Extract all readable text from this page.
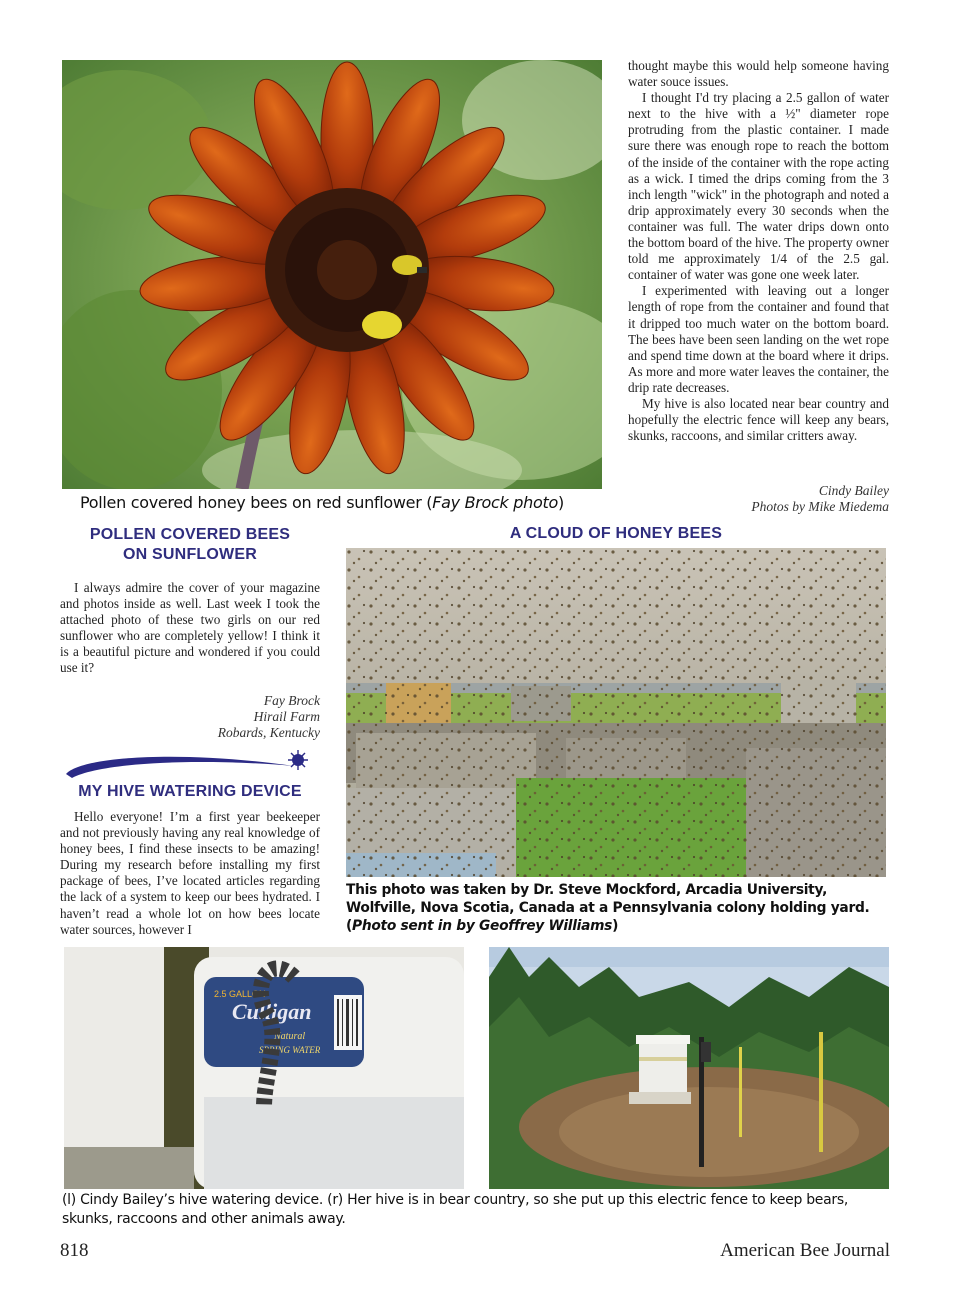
Pollen covered honey bees on red sunflower (Fay Brock photo)

thought maybe this would help someone having water souce issues.

I thought I'd try placing a 2.5 gallon of water next to the hive with a ½" diameter rope protruding from the plastic container. I made sure there was enough rope to reach the bottom of the inside of the container with the rope acting as a wick. I timed the drips coming from the 3 inch length "wick" in the photograph and noted a drip approximately every 30 seconds when the container was full. The water drips down onto the bottom board of the hive. The property owner told me approximately 1/4 of the 2.5 gal. container of water was gone one week later.

I experimented with leaving out a longer length of rope from the container and found that it dripped too much water on the bottom board. The bees have been seen landing on the wet rope and spend time down at the board where it drips. As more and more water leaves the container, the drip rate decreases.

My hive is also located near bear country and hopefully the electric fence will keep any bears, skunks, raccoons, and similar critters away.

Cindy Bailey
Photos by Mike Miedema
POLLEN COVERED BEES
ON SUNFLOWER

I always admire the cover of your magazine and photos inside as well. Last week I took the attached photo of these two girls on our red sunflower who are completely yellow! I think it is a beautiful picture and wondered if you could use it?

Fay Brock
Hirail Farm
Robards, Kentucky
MY HIVE WATERING DEVICE

Hello everyone! I’m a first year beekeeper and not previously having any real knowledge of honey bees, I find these insects to be amazing! During my research before installing my first package of bees, I’ve located articles regarding the lack of a system to keep our bees hydrated. I haven’t read a whole lot on how bees locate water sources, however I

A CLOUD OF HONEY BEES
This photo was taken by Dr. Steve Mockford, Arcadia University, Wolfville, Nova Scotia, Canada at a Pennsylvania colony holding yard. (Photo sent in by Geoffrey Williams)
2.5 GALLON
Culligan
Natural
SPRING WATER
(l) Cindy Bailey’s hive watering device. (r) Her hive is in bear country, so she put up this electric fence to keep bears, skunks, raccoons and other animals away.
818	American Bee Journal
